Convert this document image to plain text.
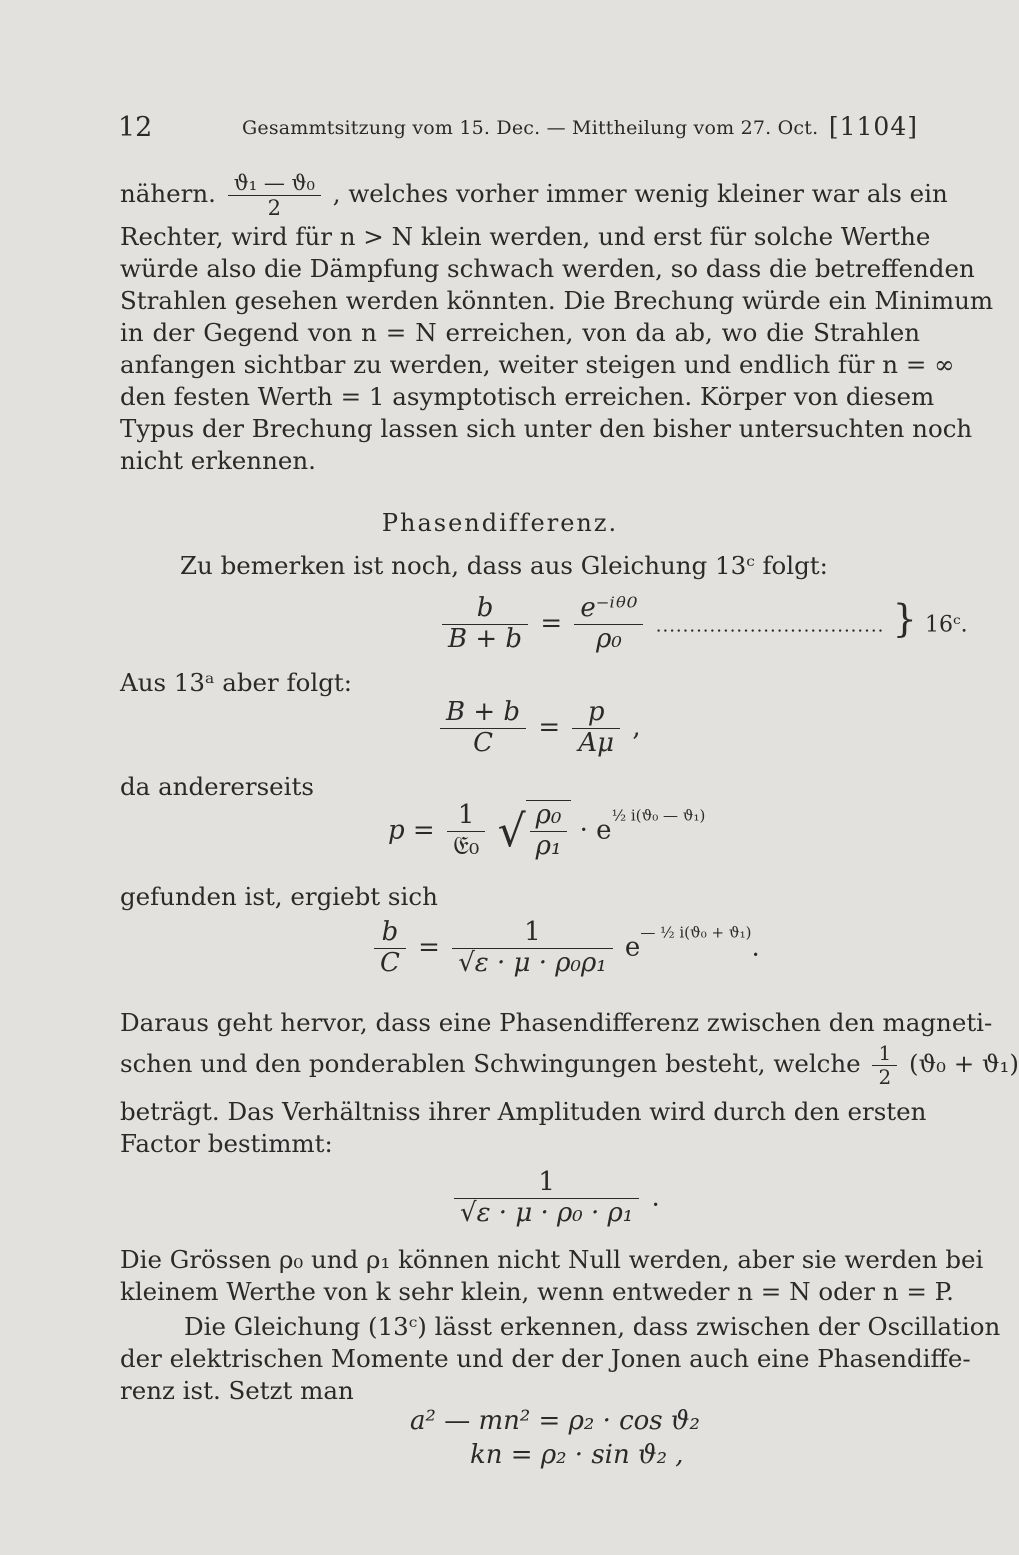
12	Gesammtsitzung vom 15. Dec. — Mittheilung vom 27. Oct. [1104]
nähern. $\frac{\text{ϑ₁ — ϑ₀}}{2}$ , welches vorher immer wenig kleiner war als ein
Rechter, wird für n > N klein werden, und erst für solche Werthe
würde also die Dämpfung schwach werden, so dass die betreffenden
Strahlen gesehen werden könnten. Die Brechung würde ein Minimum
in der Gegend von n = N erreichen, von da ab, wo die Strahlen
anfangen sichtbar zu werden, weiter steigen und endlich für n = ∞
den festen Werth = 1 asymptotisch erreichen. Körper von diesem
Typus der Brechung lassen sich unter den bisher untersuchten noch
nicht erkennen.
Phasendifferenz.
Zu bemerken ist noch, dass aus Gleichung 13ᶜ folgt:
$\frac{b}{B + b} = \frac{\text{e⁻ⁱᶿ⁰}}{\text{ρ₀}}$ .................................. } 16ᶜ.
Aus 13ᵃ aber folgt:
$\frac{B + b}{C} = \frac{p}{A\mu}$ ,
da andererseits
$p = \frac{1}{\text{𝔈₀}}$ √ $\frac{\text{ρ₀}}{\text{ρ₁}} \cdot e^{\frac{1}{2} i(ϑ_0 — ϑ_1)}$
gefunden ist, ergiebt sich
$\frac{b}{C} = \frac{1}{\text{√ε · μ · ρ₀ρ₁}} e^{— \frac{1}{2} i(ϑ_0 + ϑ_1)}$.
Daraus geht hervor, dass eine Phasendifferenz zwischen den magneti-
schen und den ponderablen Schwingungen besteht, welche $\frac{1}{2} (ϑ_0 + ϑ_1)$
beträgt. Das Verhältniss ihrer Amplituden wird durch den ersten
Factor bestimmt:
$\frac{1}{\text{√ε · μ · ρ₀ · ρ₁}}$ .
Die Grössen ρ₀ und ρ₁ können nicht Null werden, aber sie werden bei
kleinem Werthe von k sehr klein, wenn entweder n = N oder n = P.
Die Gleichung (13ᶜ) lässt erkennen, dass zwischen der Oscillation
der elektrischen Momente und der der Jonen auch eine Phasendiffe-
renz ist. Setzt man
a² — mn² = ρ₂ · cos ϑ₂
kn = ρ₂ · sin ϑ₂ ,
